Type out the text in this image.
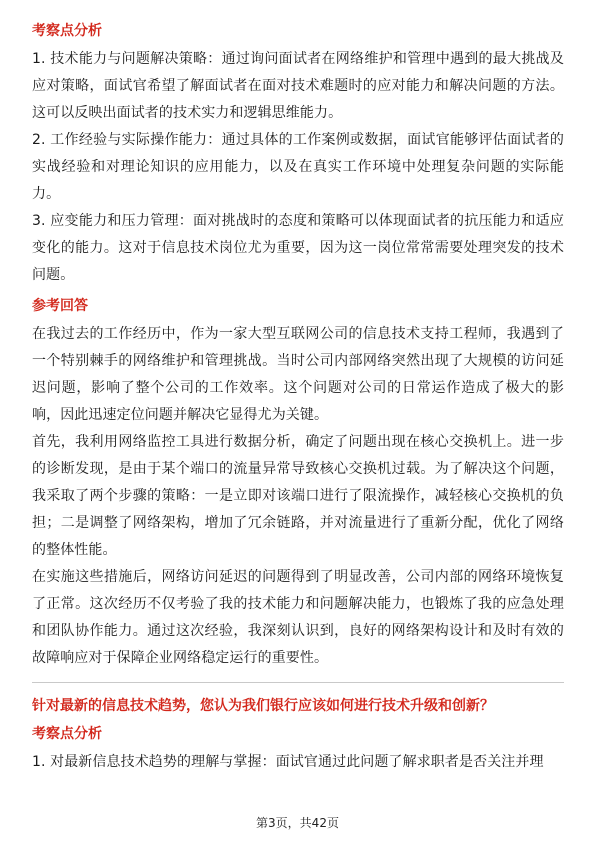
考察点分析

1. 技术能力与问题解决策略：通过询问面试者在网络维护和管理中遇到的最大挑战及应对策略，面试官希望了解面试者在面对技术难题时的应对能力和解决问题的方法。这可以反映出面试者的技术实力和逻辑思维能力。

2. 工作经验与实际操作能力：通过具体的工作案例或数据，面试官能够评估面试者的实战经验和对理论知识的应用能力，以及在真实工作环境中处理复杂问题的实际能力。

3. 应变能力和压力管理：面对挑战时的态度和策略可以体现面试者的抗压能力和适应变化的能力。这对于信息技术岗位尤为重要，因为这一岗位常常需要处理突发的技术问题。

参考回答

在我过去的工作经历中，作为一家大型互联网公司的信息技术支持工程师，我遇到了一个特别棘手的网络维护和管理挑战。当时公司内部网络突然出现了大规模的访问延迟问题，影响了整个公司的工作效率。这个问题对公司的日常运作造成了极大的影响，因此迅速定位问题并解决它显得尤为关键。

首先，我利用网络监控工具进行数据分析，确定了问题出现在核心交换机上。进一步的诊断发现，是由于某个端口的流量异常导致核心交换机过载。为了解决这个问题，我采取了两个步骤的策略：一是立即对该端口进行了限流操作，减轻核心交换机的负担；二是调整了网络架构，增加了冗余链路，并对流量进行了重新分配，优化了网络的整体性能。

在实施这些措施后，网络访问延迟的问题得到了明显改善，公司内部的网络环境恢复了正常。这次经历不仅考验了我的技术能力和问题解决能力，也锻炼了我的应急处理和团队协作能力。通过这次经验，我深刻认识到，良好的网络架构设计和及时有效的故障响应对于保障企业网络稳定运行的重要性。

针对最新的信息技术趋势，您认为我们银行应该如何进行技术升级和创新？

考察点分析

1. 对最新信息技术趋势的理解与掌握：面试官通过此问题了解求职者是否关注并理

第3页，共42页
